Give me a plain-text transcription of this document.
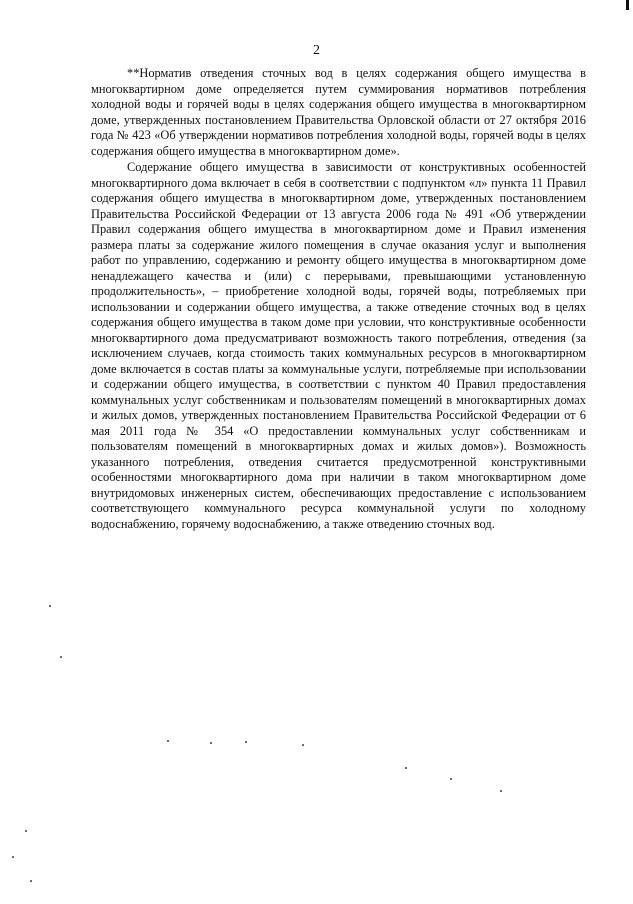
2

**Норматив отведения сточных вод в целях содержания общего имущества в многоквартирном доме определяется путем суммирования нормативов потребления холодной воды и горячей воды в целях содержания общего имущества в многоквартирном доме, утвержденных постановлением Правительства Орловской области от 27 октября 2016 года № 423 «Об утверждении нормативов потребления холодной воды, горячей воды в целях содержания общего имущества в многоквартирном доме».

Содержание общего имущества в зависимости от конструктивных особенностей многоквартирного дома включает в себя в соответствии с подпунктом «л» пункта 11 Правил содержания общего имущества в многоквартирном доме, утвержденных постановлением Правительства Российской Федерации от 13 августа 2006 года № 491 «Об утверждении Правил содержания общего имущества в многоквартирном доме и Правил изменения размера платы за содержание жилого помещения в случае оказания услуг и выполнения работ по управлению, содержанию и ремонту общего имущества в многоквартирном доме ненадлежащего качества и (или) с перерывами, превышающими установленную продолжительность», – приобретение холодной воды, горячей воды, потребляемых при использовании и содержании общего имущества, а также отведение сточных вод в целях содержания общего имущества в таком доме при условии, что конструктивные особенности многоквартирного дома предусматривают возможность такого потребления, отведения (за исключением случаев, когда стоимость таких коммунальных ресурсов в многоквартирном доме включается в состав платы за коммунальные услуги, потребляемые при использовании и содержании общего имущества, в соответствии с пунктом 40 Правил предоставления коммунальных услуг собственникам и пользователям помещений в многоквартирных домах и жилых домов, утвержденных постановлением Правительства Российской Федерации от 6 мая 2011 года № 354 «О предоставлении коммунальных услуг собственникам и пользователям помещений в многоквартирных домах и жилых домов»). Возможность указанного потребления, отведения считается предусмотренной конструктивными особенностями многоквартирного дома при наличии в таком многоквартирном доме внутридомовых инженерных систем, обеспечивающих предоставление с использованием соответствующего коммунального ресурса коммунальной услуги по холодному водоснабжению, горячему водоснабжению, а также отведению сточных вод.
